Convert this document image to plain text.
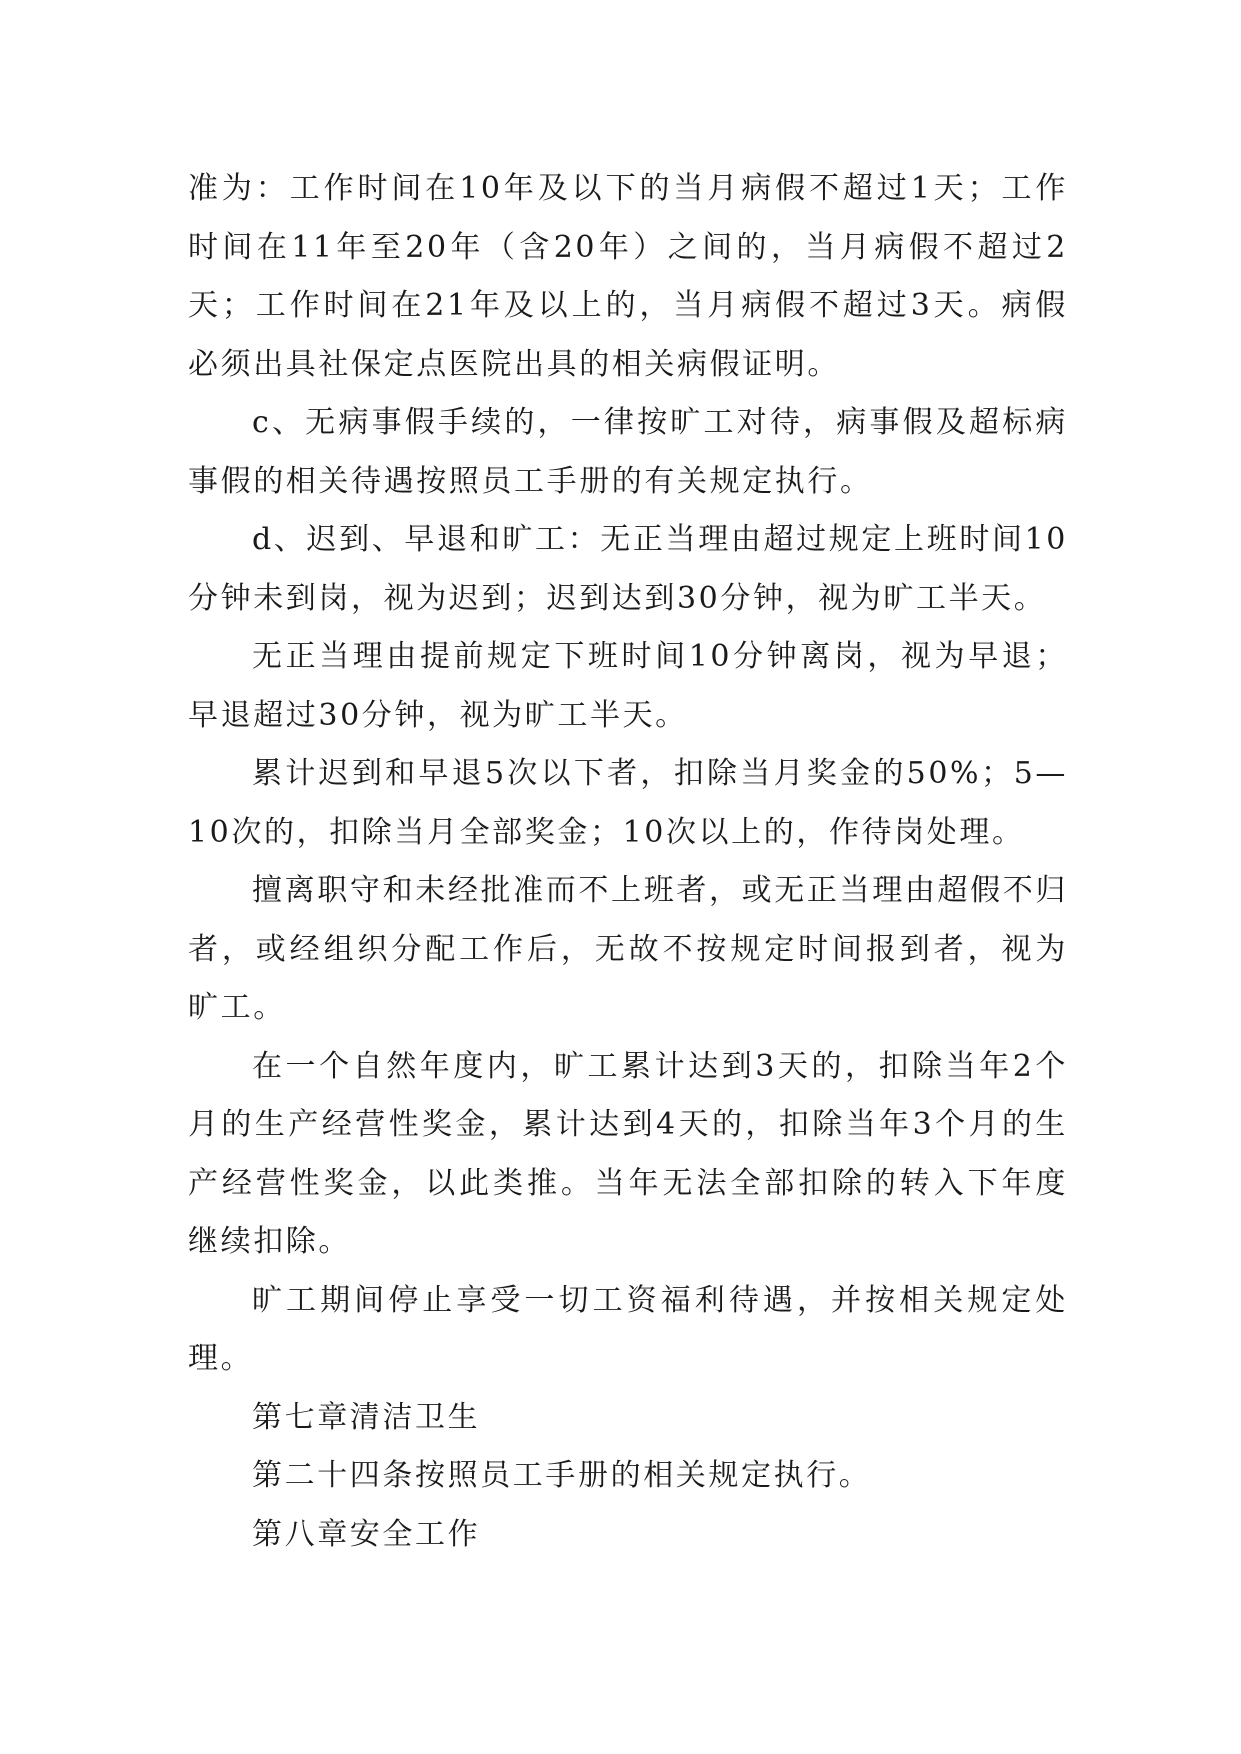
准为：工作时间在10年及以下的当月病假不超过1天；工作时间在11年至20年（含20年）之间的，当月病假不超过2天；工作时间在21年及以上的，当月病假不超过3天。病假必须出具社保定点医院出具的相关病假证明。

c、无病事假手续的，一律按旷工对待，病事假及超标病事假的相关待遇按照员工手册的有关规定执行。

d、迟到、早退和旷工：无正当理由超过规定上班时间10分钟未到岗，视为迟到；迟到达到30分钟，视为旷工半天。

无正当理由提前规定下班时间10分钟离岗，视为早退；早退超过30分钟，视为旷工半天。

累计迟到和早退5次以下者，扣除当月奖金的50%；5—10次的，扣除当月全部奖金；10次以上的，作待岗处理。

擅离职守和未经批准而不上班者，或无正当理由超假不归者，或经组织分配工作后，无故不按规定时间报到者，视为旷工。

在一个自然年度内，旷工累计达到3天的，扣除当年2个月的生产经营性奖金，累计达到4天的，扣除当年3个月的生产经营性奖金，以此类推。当年无法全部扣除的转入下年度继续扣除。

旷工期间停止享受一切工资福利待遇，并按相关规定处理。

第七章清洁卫生

第二十四条按照员工手册的相关规定执行。

第八章安全工作
